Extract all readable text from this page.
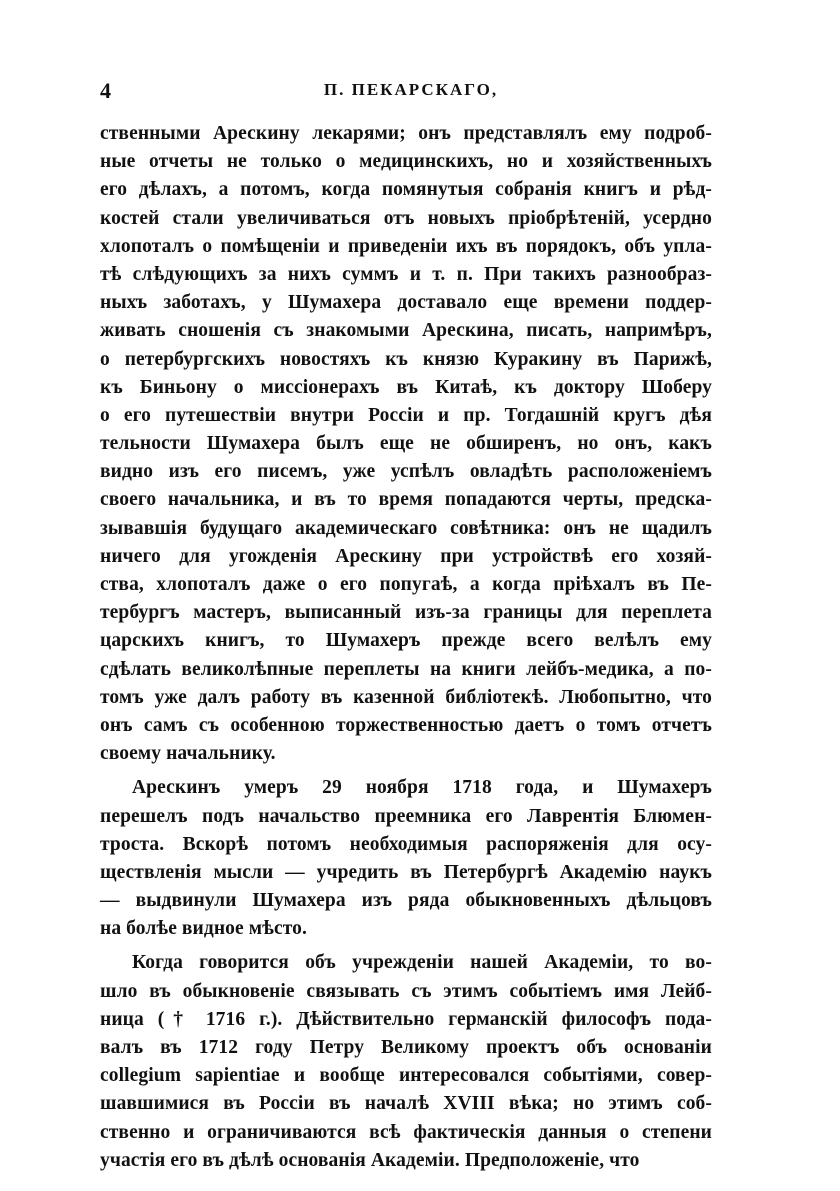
4	П. ПЕКАРСКАГО,
ственными Арескину лекарями; онъ представлялъ ему подроб-
ные отчеты не только о медицинскихъ, но и хозяйственныхъ
его дѣлахъ, а потомъ, когда помянутыя собранія книгъ и рѣд-
костей стали увеличиваться отъ новыхъ пріобрѣтеній, усердно
хлопоталъ о помѣщеніи и приведеніи ихъ въ порядокъ, объ упла-
тѣ слѣдующихъ за нихъ суммъ и т. п. При такихъ разнообраз-
ныхъ заботахъ, у Шумахера доставало еще времени поддер-
живать сношенія съ знакомыми Арескина, писать, напримѣръ,
о петербургскихъ новостяхъ къ князю Куракину въ Парижѣ,
къ Биньону о миссіонерахъ въ Китаѣ, къ доктору Шоберу
о его путешествіи внутри Россіи и пр. Тогдашній кругъ дѣя
тельности Шумахера былъ еще не обширенъ, но онъ, какъ
видно изъ его писемъ, уже успѣлъ овладѣть расположеніемъ
своего начальника, и въ то время попадаются черты, предска-
зывавшія будущаго академическаго совѣтника: онъ не щадилъ
ничего для угожденія Арескину при устройствѣ его хозяй-
ства, хлопоталъ даже о его попугаѣ, а когда пріѣхалъ въ Пе-
тербургъ мастеръ, выписанный изъ-за границы для переплета
царскихъ книгъ, то Шумахеръ прежде всего велѣлъ ему
сдѣлать великолѣпные переплеты на книги лейбъ-медика, а по-
томъ уже далъ работу въ казенной библіотекѣ. Любопытно, что
онъ самъ съ особенною торжественностью даетъ о томъ отчетъ
своему начальнику.
Арескинъ умеръ 29 ноября 1718 года, и Шумахеръ
перешелъ подъ начальство преемника его Лаврентія Блюмен-
троста. Вскорѣ потомъ необходимыя распоряженія для осу-
ществленія мысли — учредить въ Петербургѣ Академію наукъ
— выдвинули Шумахера изъ ряда обыкновенныхъ дѣльцовъ
на болѣе видное мѣсто.
Когда говорится объ учрежденіи нашей Академіи, то во-
шло въ обыкновеніе связывать съ этимъ событіемъ имя Лейб-
ница († 1716 г.). Дѣйствительно германскій философъ пода-
валъ въ 1712 году Петру Великому проектъ объ основаніи
collegium sapientiae и вообще интересовался событіями, совер-
шавшимися въ Россіи въ началѣ XVIII вѣка; но этимъ соб-
ственно и ограничиваются всѣ фактическія данныя о степени
участія его въ дѣлѣ основанія Академіи. Предположеніе, что
